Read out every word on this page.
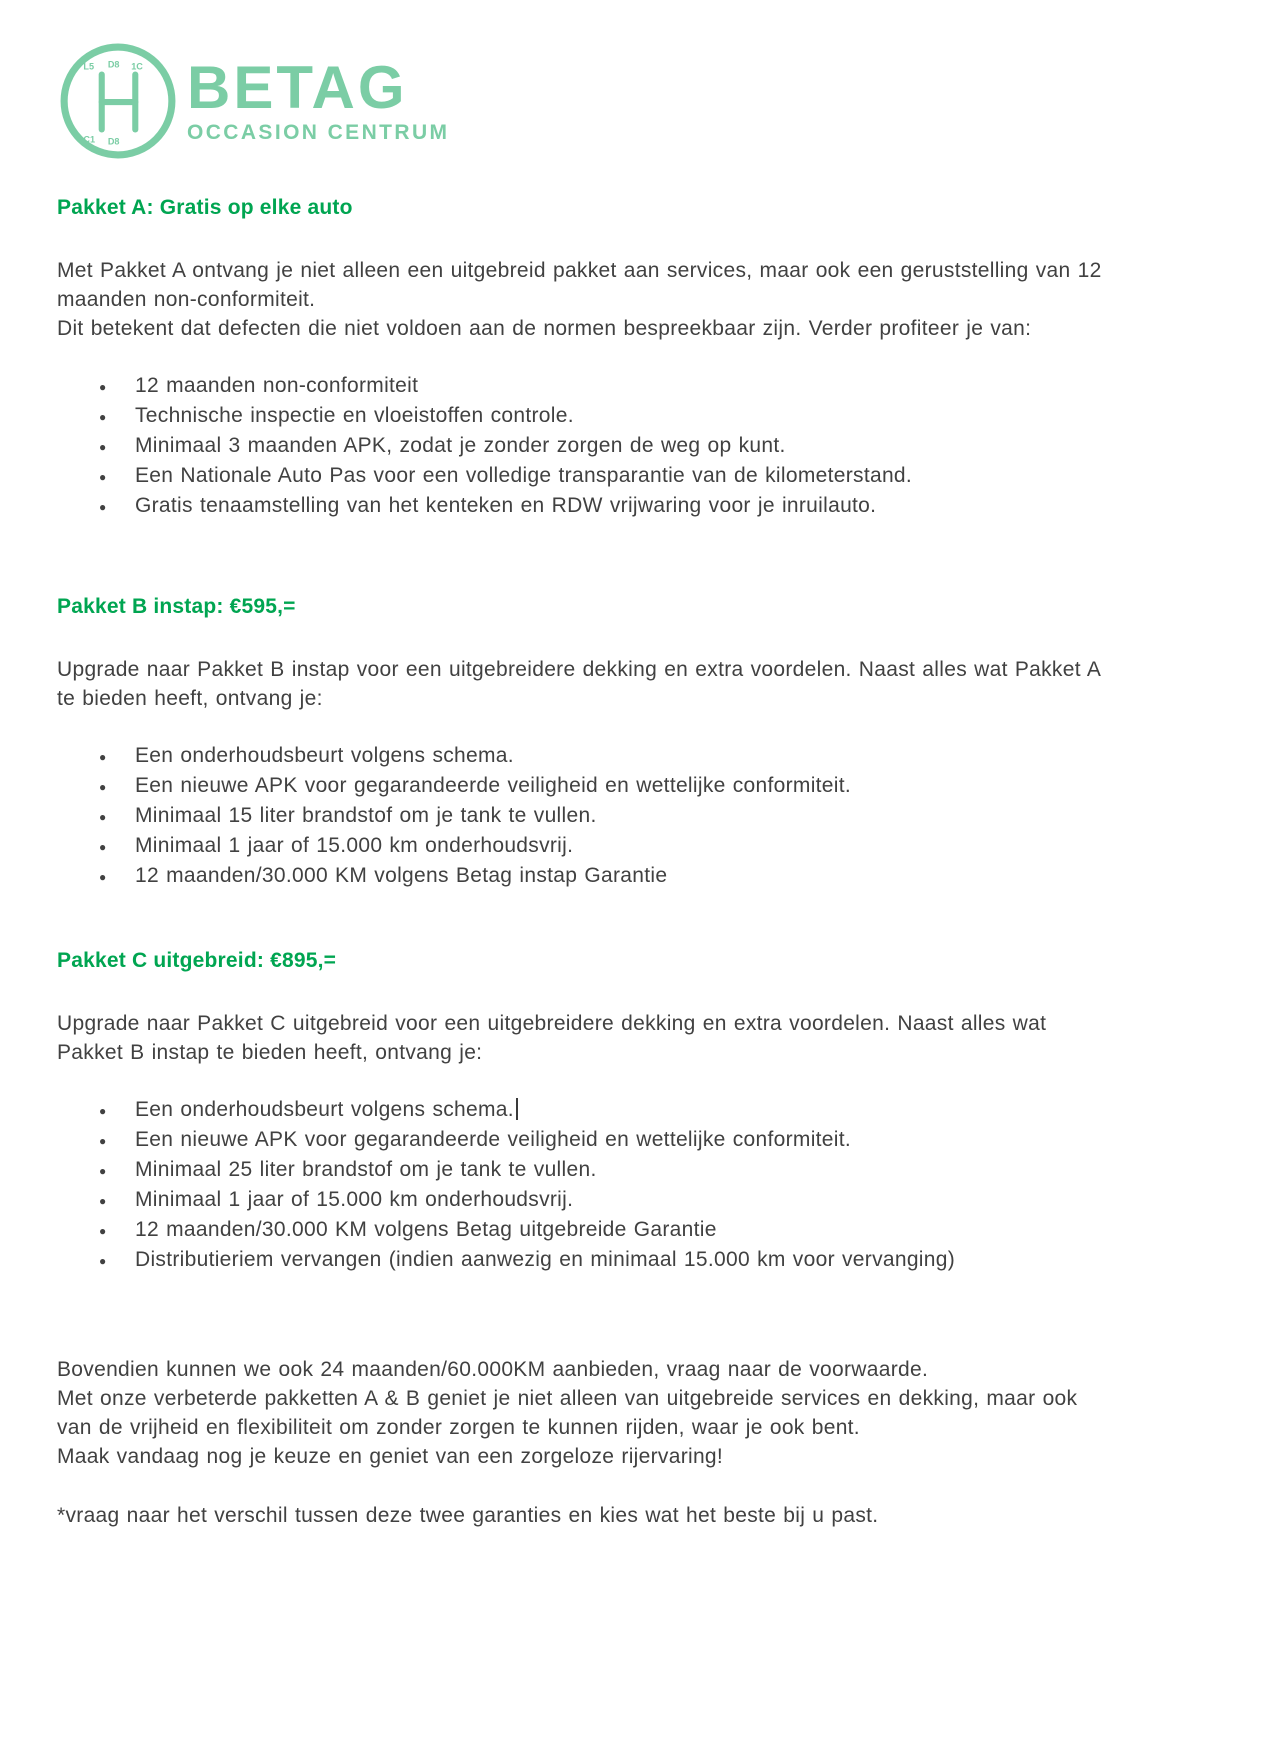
L5 D8 1C
C1 D8
BETAG
OCCASION CENTRUM
Pakket A: Gratis op elke auto

Met Pakket A ontvang je niet alleen een uitgebreid pakket aan services, maar ook een geruststelling van 12 maanden non-conformiteit.

Dit betekent dat defecten die niet voldoen aan de normen bespreekbaar zijn. Verder profiteer je van:

● 12 maanden non-conformiteit
● Technische inspectie en vloeistoffen controle.
● Minimaal 3 maanden APK, zodat je zonder zorgen de weg op kunt.
● Een Nationale Auto Pas voor een volledige transparantie van de kilometerstand.
● Gratis tenaamstelling van het kenteken en RDW vrijwaring voor je inruilauto.
Pakket B instap: €595,=

Upgrade naar Pakket B instap voor een uitgebreidere dekking en extra voordelen. Naast alles wat Pakket A te bieden heeft, ontvang je:

● Een onderhoudsbeurt volgens schema.
● Een nieuwe APK voor gegarandeerde veiligheid en wettelijke conformiteit.
● Minimaal 15 liter brandstof om je tank te vullen.
● Minimaal 1 jaar of 15.000 km onderhoudsvrij.
● 12 maanden/30.000 KM volgens Betag instap Garantie
Pakket C uitgebreid: €895,=

Upgrade naar Pakket C uitgebreid voor een uitgebreidere dekking en extra voordelen. Naast alles wat Pakket B instap te bieden heeft, ontvang je:

● Een onderhoudsbeurt volgens schema.
● Een nieuwe APK voor gegarandeerde veiligheid en wettelijke conformiteit.
● Minimaal 25 liter brandstof om je tank te vullen.
● Minimaal 1 jaar of 15.000 km onderhoudsvrij.
● 12 maanden/30.000 KM volgens Betag uitgebreide Garantie
● Distributieriem vervangen (indien aanwezig en minimaal 15.000 km voor vervanging)

Bovendien kunnen we ook 24 maanden/60.000KM aanbieden, vraag naar de voorwaarde.

Met onze verbeterde pakketten A & B geniet je niet alleen van uitgebreide services en dekking, maar ook van de vrijheid en flexibiliteit om zonder zorgen te kunnen rijden, waar je ook bent.

Maak vandaag nog je keuze en geniet van een zorgeloze rijervaring!

*vraag naar het verschil tussen deze twee garanties en kies wat het beste bij u past.
